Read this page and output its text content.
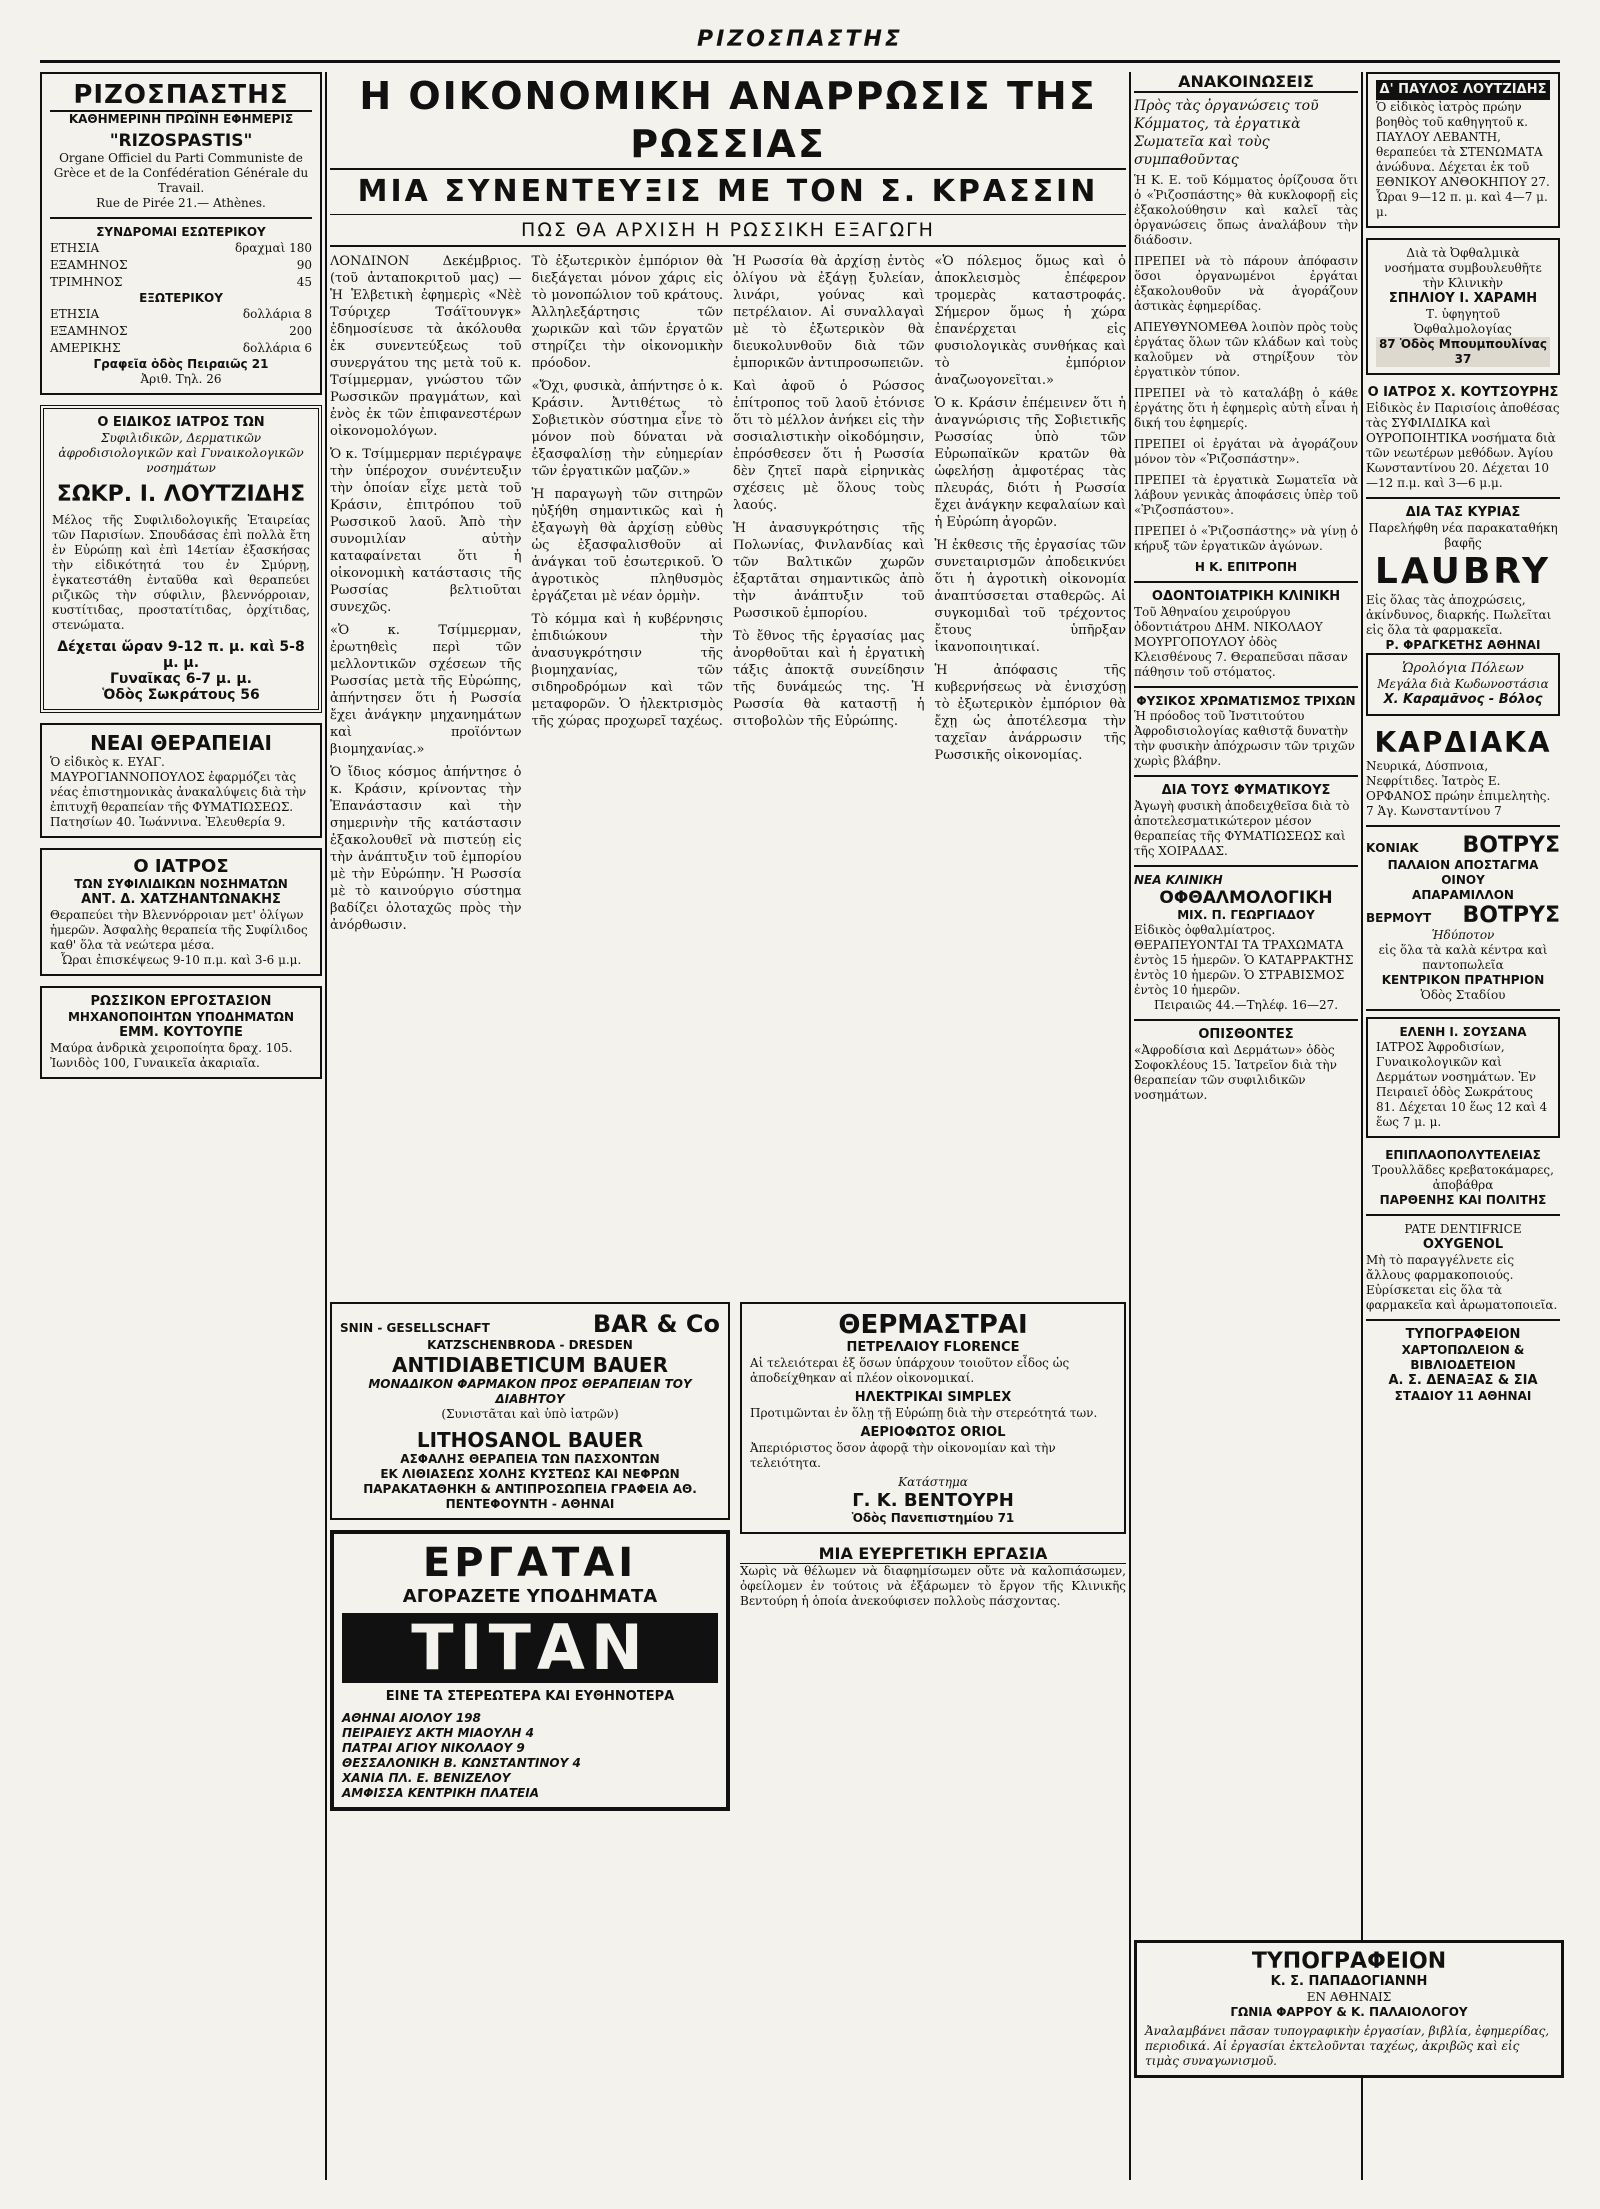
ΡΙΖΟΣΠΑΣΤΗΣ
ΡΙΖΟΣΠΑΣΤΗΣ
ΚΑΘΗΜΕΡΙΝΗ ΠΡΩΪΝΗ ΕΦΗΜΕΡΙΣ
"RIZOSPASTIS"
Organe Officiel du Parti Communiste de Grèce et de la Confédération Générale du Travail.
Rue de Pirée 21.— Athènes.
ΣΥΝΔΡΟΜΑΙ ΕΣΩΤΕΡΙΚΟΥ
ΕΤΗΣΙΑ	δραχμαὶ 180
ΕΞΑΜΗΝΟΣ	90
ΤΡΙΜΗΝΟΣ	45
ΕΞΩΤΕΡΙΚΟΥ
ΕΤΗΣΙΑ	δολλάρια 8
ΕΞΑΜΗΝΟΣ	200
ΑΜΕΡΙΚΗΣ	δολλάρια 6
Γραφεῖα ὁδὸς Πειραιῶς 21
Ἀριθ. Τηλ. 26
Ο ΕΙΔΙΚΟΣ ΙΑΤΡΟΣ ΤΩΝ
Συφιλιδικῶν, Δερματικῶν ἀφροδισιολογικῶν καὶ Γυναικολογικῶν νοσημάτων
ΣΩΚΡ. Ι. ΛΟΥΤΖΙΔΗΣ
Μέλος τῆς Συφιλιδολογικῆς Ἑταιρείας τῶν Παρισίων. Σπουδάσας ἐπὶ πολλὰ ἔτη ἐν Εὐρώπῃ καὶ ἐπὶ 14ετίαν ἐξασκήσας τὴν εἰδικότητά του ἐν Σμύρνῃ, ἐγκατεστάθη ἐνταῦθα καὶ θεραπεύει ριζικῶς τὴν σύφιλιν, βλεννόρροιαν, κυστίτιδας, προστατίτιδας, ὀρχίτιδας, στενώματα.
Δέχεται ὥραν 9-12 π. μ. καὶ 5-8 μ. μ.
Γυναῖκας 6-7 μ. μ.
Ὁδὸς Σωκράτους 56
ΝΕΑΙ ΘΕΡΑΠΕΙΑΙ
Ὁ εἰδικὸς κ. ΕΥΑΓ. ΜΑΥΡΟΓΙΑΝΝΟΠΟΥΛΟΣ ἐφαρμόζει τὰς νέας ἐπιστημονικὰς ἀνακαλύψεις διὰ τὴν ἐπιτυχῆ θεραπείαν τῆς ΦΥΜΑΤΙΩΣΕΩΣ. Πατησίων 40. Ἰωάννινα. Ἐλευθερία 9.
Ο ΙΑΤΡΟΣ
ΤΩΝ ΣΥΦΙΛΙΔΙΚΩΝ ΝΟΣΗΜΑΤΩΝ
ΑΝΤ. Δ. ΧΑΤΖΗΑΝΤΩΝΑΚΗΣ
Θεραπεύει τὴν Βλεννόρροιαν μετ' ὀλίγων ἡμερῶν. Ἀσφαλὴς θεραπεία τῆς Συφίλιδος καθ' ὅλα τὰ νεώτερα μέσα.
Ὧραι ἐπισκέψεως 9-10 π.μ. καὶ 3-6 μ.μ.
ΡΩΣΣΙΚΟΝ ΕΡΓΟΣΤΑΣΙΟΝ
ΜΗΧΑΝΟΠΟΙΗΤΩΝ ΥΠΟΔΗΜΑΤΩΝ
ΕΜΜ. ΚΟΥΤΟΥΠΕ
Μαύρα ἀνδρικὰ χειροποίητα δραχ. 105. Ἰωνιδὸς 100, Γυναικεῖα ἀκαριαῖα.
Η ΟΙΚΟΝΟΜΙΚΗ ΑΝΑΡΡΩΣΙΣ ΤΗΣ ΡΩΣΣΙΑΣ
ΜΙΑ ΣΥΝΕΝΤΕΥΞΙΣ ΜΕ ΤΟΝ Σ. ΚΡΑΣΣΙΝ
ΠΩΣ ΘΑ ΑΡΧΙΣΗ Η ΡΩΣΣΙΚΗ ΕΞΑΓΩΓΗ

ΛΟΝΔΙΝΟΝ Δεκέμβριος. (τοῦ ἀνταποκριτοῦ μας) — Ἡ Ἑλβετικὴ ἐφημερὶς «Νὲὲ Τσύριχερ Τσάϊτουνγκ» ἐδημοσίευσε τὰ ἀκόλουθα ἐκ συνεντεύξεως τοῦ συνεργάτου της μετὰ τοῦ κ. Τσίμμερμαν, γνώστου τῶν Ρωσσικῶν πραγμάτων, καὶ ἐνὸς ἐκ τῶν ἐπιφανεστέρων οἰκονομολόγων.

Ὁ κ. Τσίμμερμαν περιέγραψε τὴν ὑπέροχον συνέντευξιν τὴν ὁποίαν εἶχε μετὰ τοῦ Κράσιν, ἐπιτρόπου τοῦ Ρωσσικοῦ λαοῦ. Ἀπὸ τὴν συνομιλίαν αὐτὴν καταφαίνεται ὅτι ἡ οἰκονομικὴ κατάστασις τῆς Ρωσσίας βελτιοῦται συνεχῶς.

«Ὁ κ. Τσίμμερμαν, ἐρωτηθεὶς περὶ τῶν μελλοντικῶν σχέσεων τῆς Ρωσσίας μετὰ τῆς Εὐρώπης, ἀπήντησεν ὅτι ἡ Ρωσσία ἔχει ἀνάγκην μηχανημάτων καὶ προϊόντων βιομηχανίας.»

Ὁ ἴδιος κόσμος ἀπήντησε ὁ κ. Κράσιν, κρίνοντας τὴν Ἐπανάστασιν καὶ τὴν σημερινὴν τῆς κατάστασιν ἐξακολουθεῖ νὰ πιστεύῃ εἰς τὴν ἀνάπτυξιν τοῦ ἐμπορίου μὲ τὴν Εὐρώπην. Ἡ Ρωσσία μὲ τὸ καινούργιο σύστημα βαδίζει ὀλοταχῶς πρὸς τὴν ἀνόρθωσιν.

Τὸ ἐξωτερικὸν ἐμπόριον θὰ διεξάγεται μόνον χάρις εἰς τὸ μονοπώλιον τοῦ κράτους. Ἀλληλεξάρτησις τῶν χωρικῶν καὶ τῶν ἐργατῶν στηρίζει τὴν οἰκονομικὴν πρόοδον.

«Ὄχι, φυσικὰ, ἀπήντησε ὁ κ. Κράσιν. Ἀντιθέτως τὸ Σοβιετικὸν σύστημα εἶνε τὸ μόνον ποὺ δύναται νὰ ἐξασφαλίσῃ τὴν εὐημερίαν τῶν ἐργατικῶν μαζῶν.»

Ἡ παραγωγὴ τῶν σιτηρῶν ηὐξήθη σημαντικῶς καὶ ἡ ἐξαγωγὴ θὰ ἀρχίσῃ εὐθὺς ὡς ἐξασφαλισθοῦν αἱ ἀνάγκαι τοῦ ἐσωτερικοῦ. Ὁ ἀγροτικὸς πληθυσμὸς ἐργάζεται μὲ νέαν ὁρμὴν.

Τὸ κόμμα καὶ ἡ κυβέρνησις ἐπιδιώκουν τὴν ἀνασυγκρότησιν τῆς βιομηχανίας, τῶν σιδηροδρόμων καὶ τῶν μεταφορῶν. Ὁ ἠλεκτρισμὸς τῆς χώρας προχωρεῖ ταχέως.

Ἡ Ρωσσία θὰ ἀρχίσῃ ἐντὸς ὀλίγου νὰ ἐξάγῃ ξυλείαν, λινάρι, γούνας καὶ πετρέλαιον. Αἱ συναλλαγαὶ μὲ τὸ ἐξωτερικὸν θὰ διευκολυνθοῦν διὰ τῶν ἐμπορικῶν ἀντιπροσωπειῶν.

Καὶ ἀφοῦ ὁ Ρώσσος ἐπίτροπος τοῦ λαοῦ ἐτόνισε ὅτι τὸ μέλλον ἀνήκει εἰς τὴν σοσιαλιστικὴν οἰκοδόμησιν, ἐπρόσθεσεν ὅτι ἡ Ρωσσία δὲν ζητεῖ παρὰ εἰρηνικὰς σχέσεις μὲ ὅλους τοὺς λαούς.

Ἡ ἀνασυγκρότησις τῆς Πολωνίας, Φινλανδίας καὶ τῶν Βαλτικῶν χωρῶν ἐξαρτᾶται σημαντικῶς ἀπὸ τὴν ἀνάπτυξιν τοῦ Ρωσσικοῦ ἐμπορίου.

Τὸ ἔθνος τῆς ἐργασίας μας ἀνορθοῦται καὶ ἡ ἐργατικὴ τάξις ἀποκτᾷ συνείδησιν τῆς δυνάμεώς της. Ἡ Ρωσσία θὰ καταστῇ ἡ σιτοβολὼν τῆς Εὐρώπης.

«Ὁ πόλεμος ὅμως καὶ ὁ ἀποκλεισμὸς ἐπέφερον τρομερὰς καταστροφάς. Σήμερον ὅμως ἡ χώρα ἐπανέρχεται εἰς φυσιολογικὰς συνθήκας καὶ τὸ ἐμπόριον ἀναζωογονεῖται.»

Ὁ κ. Κράσιν ἐπέμεινεν ὅτι ἡ ἀναγνώρισις τῆς Σοβιετικῆς Ρωσσίας ὑπὸ τῶν Εὐρωπαϊκῶν κρατῶν θὰ ὠφελήσῃ ἀμφοτέρας τὰς πλευράς, διότι ἡ Ρωσσία ἔχει ἀνάγκην κεφαλαίων καὶ ἡ Εὐρώπη ἀγορῶν.

Ἡ ἐκθεσις τῆς ἐργασίας τῶν συνεταιρισμῶν ἀποδεικνύει ὅτι ἡ ἀγροτικὴ οἰκονομία ἀναπτύσσεται σταθερῶς. Αἱ συγκομιδαὶ τοῦ τρέχοντος ἔτους ὑπῆρξαν ἱκανοποιητικαί.

Ἡ ἀπόφασις τῆς κυβερνήσεως νὰ ἐνισχύσῃ τὸ ἐξωτερικὸν ἐμπόριον θὰ ἔχῃ ὡς ἀποτέλεσμα τὴν ταχεῖαν ἀνάρρωσιν τῆς Ρωσσικῆς οἰκονομίας.

SNIN - GESELLSCHAFT	BAR & Co
KATZSCHENBRODA - DRESDEN
ANTIDIABETICUM BAUER
ΜΟΝΑΔΙΚΟΝ ΦΑΡΜΑΚΟΝ ΠΡΟΣ ΘΕΡΑΠΕΙΑΝ ΤΟΥ ΔΙΑΒΗΤΟΥ
(Συνιστᾶται καὶ ὑπὸ ἰατρῶν)
LITHOSANOL BAUER
ΑΣΦΑΛΗΣ ΘΕΡΑΠΕΙΑ ΤΩΝ ΠΑΣΧΟΝΤΩΝ
ΕΚ ΛΙΘΙΑΣΕΩΣ ΧΟΛΗΣ ΚΥΣΤΕΩΣ ΚΑΙ ΝΕΦΡΩΝ
ΠΑΡΑΚΑΤΑΘΗΚΗ & ΑΝΤΙΠΡΟΣΩΠΕΙΑ ΓΡΑΦΕΙΑ ΑΘ. ΠΕΝΤΕΦΟΥΝΤΗ - ΑΘΗΝΑΙ
ΕΡΓΑΤΑΙ
ΑΓΟΡΑΖΕΤΕ ΥΠΟΔΗΜΑΤΑ
ΤΙΤΑΝ
ΕΙΝΕ ΤΑ ΣΤΕΡΕΩΤΕΡΑ ΚΑΙ ΕΥΘΗΝΟΤΕΡΑ
ΑΘΗΝΑΙ ΑΙΟΛΟΥ 198
ΠΕΙΡΑΙΕΥΣ ΑΚΤΗ ΜΙΑΟΥΛΗ 4
ΠΑΤΡΑΙ ΑΓΙΟΥ ΝΙΚΟΛΑΟΥ 9
ΘΕΣΣΑΛΟΝΙΚΗ Β. ΚΩΝΣΤΑΝΤΙΝΟΥ 4
ΧΑΝΙΑ ΠΛ. Ε. ΒΕΝΙΖΕΛΟΥ
ΑΜΦΙΣΣΑ ΚΕΝΤΡΙΚΗ ΠΛΑΤΕΙΑ
ΘΕΡΜΑΣΤΡΑΙ
ΠΕΤΡΕΛΑΙΟΥ FLORENCE
Αἱ τελειότεραι ἐξ ὅσων ὑπάρχουν τοιοῦτον εἶδος ὡς ἀποδείχθηκαν αἱ πλέον οἰκονομικαί.
ΗΛΕΚΤΡΙΚΑΙ SIMPLEX
Προτιμῶνται ἐν ὅλῃ τῇ Εὐρώπῃ διὰ τὴν στερεότητά των.
ΑΕΡΙΟΦΩΤΟΣ ORIOL
Ἀπεριόριστος ὅσον ἀφορᾷ τὴν οἰκονομίαν καὶ τὴν τελειότητα.
Κατάστημα
Γ. Κ. ΒΕΝΤΟΥΡΗ
Ὁδὸς Πανεπιστημίου 71
ΜΙΑ ΕΥΕΡΓΕΤΙΚΗ ΕΡΓΑΣΙΑ
Χωρὶς νὰ θέλωμεν νὰ διαφημίσωμεν οὔτε νὰ καλοπιάσωμεν, ὀφείλομεν ἐν τούτοις νὰ ἐξάρωμεν τὸ ἔργον τῆς Κλινικῆς Βεντούρη ἡ ὁποία ἀνεκούφισεν πολλοὺς πάσχοντας.
ΑΝΑΚΟΙΝΩΣΕΙΣ
Πρὸς τὰς ὀργανώσεις τοῦ Κόμματος, τὰ ἐργατικὰ Σωματεῖα καὶ τοὺς συμπαθοῦντας

Ἡ Κ. Ε. τοῦ Κόμματος ὁρίζουσα ὅτι ὁ «Ῥιζοσπάστης» θὰ κυκλοφορῇ εἰς ἐξακολούθησιν καὶ καλεῖ τὰς ὀργανώσεις ὅπως ἀναλάβουν τὴν διάδοσιν.

ΠΡΕΠΕΙ νὰ τὸ πάρουν ἀπόφασιν ὅσοι ὀργανωμένοι ἐργάται ἐξακολουθοῦν νὰ ἀγοράζουν ἀστικὰς ἐφημερίδας.

ΑΠΕΥΘΥΝΟΜΕΘΑ λοιπὸν πρὸς τοὺς ἐργάτας ὅλων τῶν κλάδων καὶ τοὺς καλοῦμεν νὰ στηρίξουν τὸν ἐργατικὸν τύπον.

ΠΡΕΠΕΙ νὰ τὸ καταλάβῃ ὁ κάθε ἐργάτης ὅτι ἡ ἐφημερὶς αὐτὴ εἶναι ἡ δική του ἐφημερίς.

ΠΡΕΠΕΙ οἱ ἐργάται νὰ ἀγοράζουν μόνον τὸν «Ῥιζοσπάστην».

ΠΡΕΠΕΙ τὰ ἐργατικὰ Σωματεῖα νὰ λάβουν γενικὰς ἀποφάσεις ὑπὲρ τοῦ «Ῥιζοσπάστου».

ΠΡΕΠΕΙ ὁ «Ῥιζοσπάστης» νὰ γίνῃ ὁ κήρυξ τῶν ἐργατικῶν ἀγώνων.

Η Κ. ΕΠΙΤΡΟΠΗ
ΟΔΟΝΤΟΙΑΤΡΙΚΗ ΚΛΙΝΙΚΗ
Τοῦ Ἀθηναίου χειρούργου ὀδοντιάτρου ΔΗΜ. ΝΙΚΟΛΑΟΥ ΜΟΥΡΓΟΠΟΥΛΟΥ ὁδὸς Κλεισθένους 7. Θεραπεῦσαι πᾶσαν πάθησιν τοῦ στόματος.
ΦΥΣΙΚΟΣ ΧΡΩΜΑΤΙΣΜΟΣ ΤΡΙΧΩΝ
Ἡ πρόοδος τοῦ Ἰνστιτούτου Ἀφροδισιολογίας καθιστᾷ δυνατὴν τὴν φυσικὴν ἀπόχρωσιν τῶν τριχῶν χωρὶς βλάβην.
ΔΙΑ ΤΟΥΣ ΦΥΜΑΤΙΚΟΥΣ
Ἀγωγὴ φυσικὴ ἀποδειχθεῖσα διὰ τὸ ἀποτελεσματικώτερον μέσον θεραπείας τῆς ΦΥΜΑΤΙΩΣΕΩΣ καὶ τῆς ΧΟΙΡΑΔΑΣ.
ΝΕΑ ΚΛΙΝΙΚΗ
ΟΦΘΑΛΜΟΛΟΓΙΚΗ
ΜΙΧ. Π. ΓΕΩΡΓΙΑΔΟΥ
Εἰδικὸς ὀφθαλμίατρος. ΘΕΡΑΠΕΥΟΝΤΑΙ ΤΑ ΤΡΑΧΩΜΑΤΑ ἐντὸς 15 ἡμερῶν. Ὁ ΚΑΤΑΡΡΑΚΤΗΣ ἐντὸς 10 ἡμερῶν. Ὁ ΣΤΡΑΒΙΣΜΟΣ ἐντὸς 10 ἡμερῶν.
Πειραιῶς 44.—Τηλέφ. 16—27.
ΟΠΙΣΘΟΝΤΕΣ
«Ἀφροδίσια καὶ Δερμάτων» ὁδὸς Σοφοκλέους 15. Ἰατρεῖον διὰ τὴν θεραπείαν τῶν συφιλιδικῶν νοσημάτων.
Δ' ΠΑΥΛΟΣ ΛΟΥΤΖΙΔΗΣ
Ὁ εἰδικὸς ἰατρὸς πρώην βοηθὸς τοῦ καθηγητοῦ κ. ΠΑΥΛΟΥ ΛΕΒΑΝΤΗ, θεραπεύει τὰ ΣΤΕΝΩΜΑΤΑ ἀνώδυνα. Δέχεται ἐκ τοῦ ΕΘΝΙΚΟΥ ΑΝΘΟΚΗΠΟΥ 27. Ὧραι 9—12 π. μ. καὶ 4—7 μ. μ.
Διὰ τὰ Ὀφθαλμικὰ νοσήματα συμβουλευθῆτε τὴν Κλινικὴν
ΣΠΗΛΙΟΥ Ι. ΧΑΡΑΜΗ
Τ. ὑφηγητοῦ Ὀφθαλμολογίας
87 Ὁδὸς Μπουμπουλίνας 37
Ο ΙΑΤΡΟΣ Χ. ΚΟΥΤΣΟΥΡΗΣ
Εἰδικὸς ἐν Παρισίοις ἀποθέσας τὰς ΣΥΦΙΛΙΔΙΚΑ καὶ ΟΥΡΟΠΟΙΗΤΙΚΑ νοσήματα διὰ τῶν νεωτέρων μεθόδων. Ἀγίου Κωνσταντίνου 20. Δέχεται 10—12 π.μ. καὶ 3—6 μ.μ.
ΔΙΑ ΤΑΣ ΚΥΡΙΑΣ
Παρελήφθη νέα παρακαταθήκη βαφῆς
LAUBRY
Εἰς ὅλας τὰς ἀποχρώσεις, ἀκίνδυνος, διαρκής. Πωλεῖται εἰς ὅλα τὰ φαρμακεῖα.
Ρ. ΦΡΑΓΚΕΤΗΣ ΑΘΗΝΑΙ
Ὡρολόγια Πόλεων
Μεγάλα διὰ Κωδωνοστάσια
Χ. Καραμᾶνος - Βόλος
ΚΑΡΔΙΑΚΑ
Νευρικά, Δύσπνοια, Νεφρίτιδες. Ἰατρὸς Ε. ΟΡΦΑΝΟΣ πρώην ἐπιμελητὴς. 7 Ἁγ. Κωνσταντίνου 7
ΚΟΝΙΑΚ ΒΟΤΡΥΣ
ΠΑΛΑΙΟΝ ΑΠΟΣΤΑΓΜΑ ΟΙΝΟΥ
ΑΠΑΡΑΜΙΛΛΟΝ
ΒΕΡΜΟΥΤ ΒΟΤΡΥΣ
Ἡδύποτον
εἰς ὅλα τὰ καλὰ κέντρα καὶ παντοπωλεῖα
ΚΕΝΤΡΙΚΟΝ ΠΡΑΤΗΡΙΟΝ
Ὁδὸς Σταδίου
ΕΛΕΝΗ Ι. ΣΟΥΣΑΝΑ
ΙΑΤΡΟΣ Ἀφροδισίων, Γυναικολογικῶν καὶ Δερμάτων νοσημάτων. Ἐν Πειραιεῖ ὁδὸς Σωκράτους 81. Δέχεται 10 ἕως 12 καὶ 4 ἕως 7 μ. μ.
ΕΠΙΠΛΑΟΠΟΛΥΤΕΛΕΙΑΣ
Τρουλλᾶδες κρεβατοκάμαρες, ἀποβάθρα
ΠΑΡΘΕΝΗΣ ΚΑΙ ΠΟΛΙΤΗΣ
PATE DENTIFRICE
ΟΧΥGENOL
Μὴ τὸ παραγγέλνετε εἰς ἄλλους φαρμακοποιούς. Εὑρίσκεται εἰς ὅλα τὰ φαρμακεῖα καὶ ἀρωματοποιεῖα.
ΤΥΠΟΓΡΑΦΕΙΟΝ
ΧΑΡΤΟΠΩΛΕΙΟΝ & ΒΙΒΛΙΟΔΕΤΕΙΟΝ
Α. Σ. ΔΕΝΑΞΑΣ & ΣΙΑ
ΣΤΑΔΙΟΥ 11 ΑΘΗΝΑΙ
ΤΥΠΟΓΡΑΦΕΙΟΝ
Κ. Σ. ΠΑΠΑΔΟΓΙΑΝΝΗ
ΕΝ ΑΘΗΝΑΙΣ
ΓΩΝΙΑ ΦΑΡΡΟΥ & Κ. ΠΑΛΑΙΟΛΟΓΟΥ
Ἀναλαμβάνει πᾶσαν τυπογραφικὴν ἐργασίαν, βιβλία, ἐφημερίδας, περιοδικά. Αἱ ἐργασίαι ἐκτελοῦνται ταχέως, ἀκριβῶς καὶ εἰς τιμὰς συναγωνισμοῦ.
